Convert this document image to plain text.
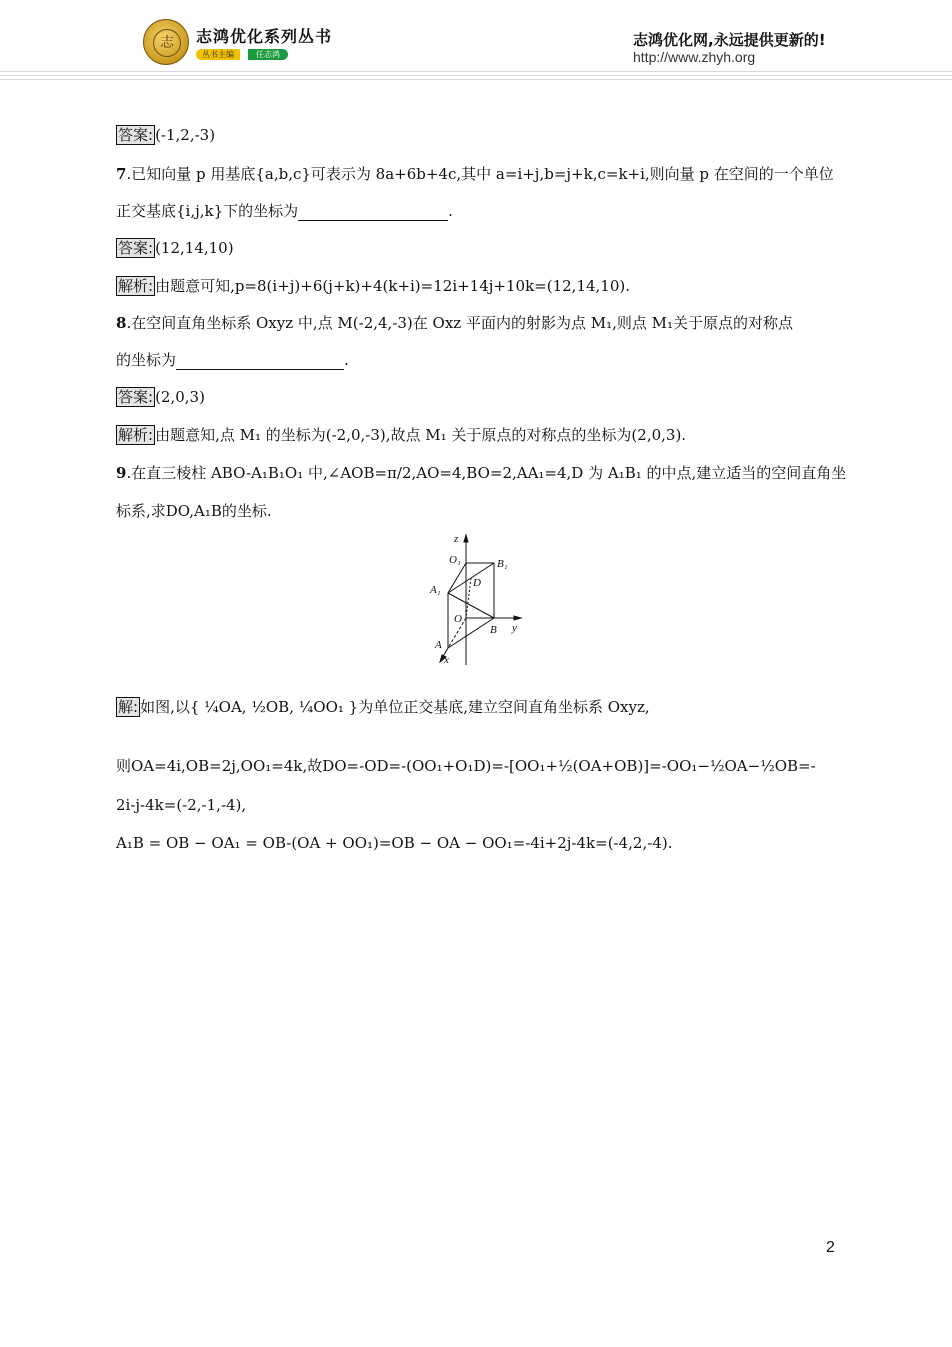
志	志鸿优化系列丛书
丛书主编	任志鸿
志鸿优化网,永远提供更新的!
http://www.zhyh.org
答案: (-1,2,-3)
7.已知向量 p 用基底{a,b,c}可表示为 8a+6b+4c,其中 a=i+j,b=j+k,c=k+i,则向量 p 在空间的一个单位
正交基底{i,j,k}下的坐标为	.
答案: (12,14,10)
解析: 由题意可知,p=8(i+j)+6(j+k)+4(k+i)=12i+14j+10k=(12,14,10).
8.在空间直角坐标系 Oxyz 中,点 M(-2,4,-3)在 Oxz 平面内的射影为点 M₁,则点 M₁关于原点的对称点
的坐标为	.
答案: (2,0,3)
解析: 由题意知,点 M₁ 的坐标为(-2,0,-3),故点 M₁ 关于原点的对称点的坐标为(2,0,3).
9.在直三棱柱 ABO-A₁B₁O₁ 中,∠AOB=π/2,AO=4,BO=2,AA₁=4,D 为 A₁B₁ 的中点,建立适当的空间直角坐
标系,求DO,A₁B的坐标.
解: 如图,以{ ¼OA, ½OB, ¼OO₁ }为单位正交基底,建立空间直角坐标系 Oxyz,
则OA=4i,OB=2j,OO₁=4k,故DO=-OD=-(OO₁+O₁D)=-[OO₁+½(OA+OB)]=-OO₁−½OA−½OB=-
2i-j-4k=(-2,-1,-4),
A₁B = OB − OA₁ = OB-(OA + OO₁)=OB − OA − OO₁=-4i+2j-4k=(-4,2,-4).
z
O₁	B₁
D
A₁
O
B y
A
x
2
